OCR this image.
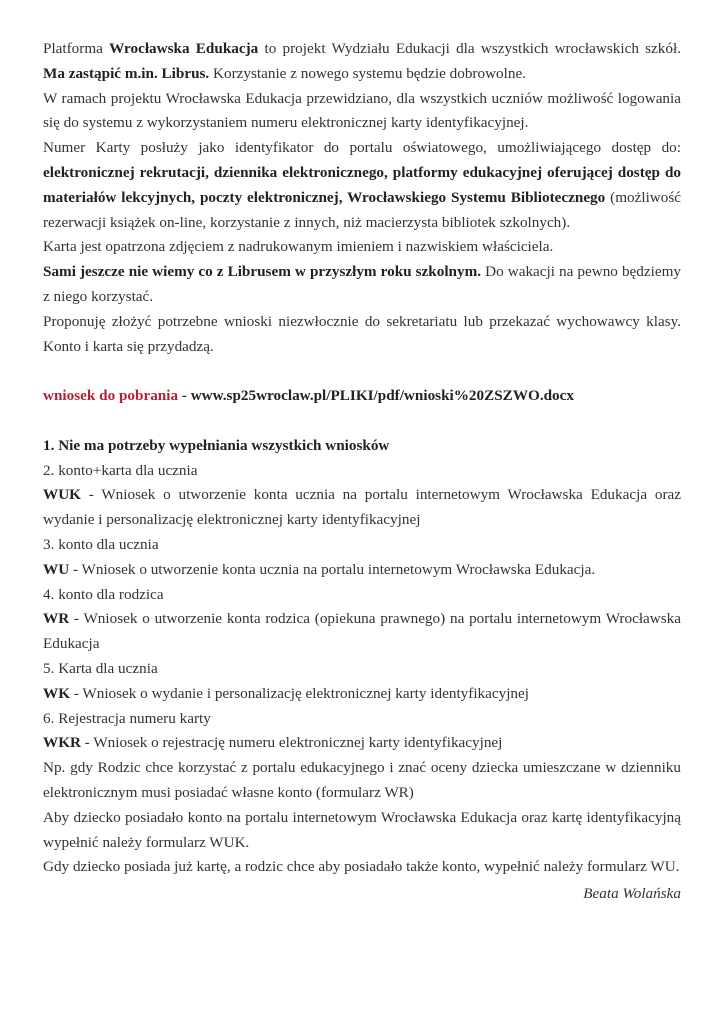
Platforma Wrocławska Edukacja to projekt Wydziału Edukacji dla wszystkich wrocławskich szkół. Ma zastąpić m.in. Librus. Korzystanie z nowego systemu będzie dobrowolne.

W ramach projektu Wrocławska Edukacja przewidziano, dla wszystkich uczniów możliwość logowania się do systemu z wykorzystaniem numeru elektronicznej karty identyfikacyjnej.

Numer Karty posłuży jako identyfikator do portalu oświatowego, umożliwiającego dostęp do: elektronicznej rekrutacji, dziennika elektronicznego, platformy edukacyjnej oferującej dostęp do materiałów lekcyjnych, poczty elektronicznej, Wrocławskiego Systemu Bibliotecznego (możliwość rezerwacji książek on-line, korzystanie z innych, niż macierzysta bibliotek szkolnych).

Karta jest opatrzona zdjęciem z nadrukowanym imieniem i nazwiskiem właściciela.

Sami jeszcze nie wiemy co z Librusem w przyszłym roku szkolnym. Do wakacji na pewno będziemy z niego korzystać.

Proponuję złożyć potrzebne wnioski niezwłocznie do sekretariatu lub przekazać wychowawcy klasy. Konto i karta się przydadzą.

wniosek do pobrania - www.sp25wroclaw.pl/PLIKI/pdf/wnioski%20ZSZWO.docx

1. Nie ma potrzeby wypełniania wszystkich wniosków

2. konto+karta dla ucznia

WUK - Wniosek o utworzenie konta ucznia na portalu internetowym Wrocławska Edukacja oraz wydanie i personalizację elektronicznej karty identyfikacyjnej

3. konto dla ucznia

WU - Wniosek o utworzenie konta ucznia na portalu internetowym Wrocławska Edukacja.

4. konto dla rodzica

WR - Wniosek o utworzenie konta rodzica (opiekuna prawnego) na portalu internetowym Wrocławska Edukacja

5. Karta dla ucznia

WK - Wniosek o wydanie i personalizację elektronicznej karty identyfikacyjnej

6. Rejestracja numeru karty

WKR - Wniosek o rejestrację numeru elektronicznej karty identyfikacyjnej

Np. gdy Rodzic chce korzystać z portalu edukacyjnego i znać oceny dziecka umieszczane w dzienniku elektronicznym musi posiadać własne konto (formularz WR)

Aby dziecko posiadało konto na portalu internetowym Wrocławska Edukacja oraz kartę identyfikacyjną wypełnić należy formularz WUK.

Gdy dziecko posiada już kartę, a rodzic chce aby posiadało także konto, wypełnić należy formularz WU.

Beata Wolańska
